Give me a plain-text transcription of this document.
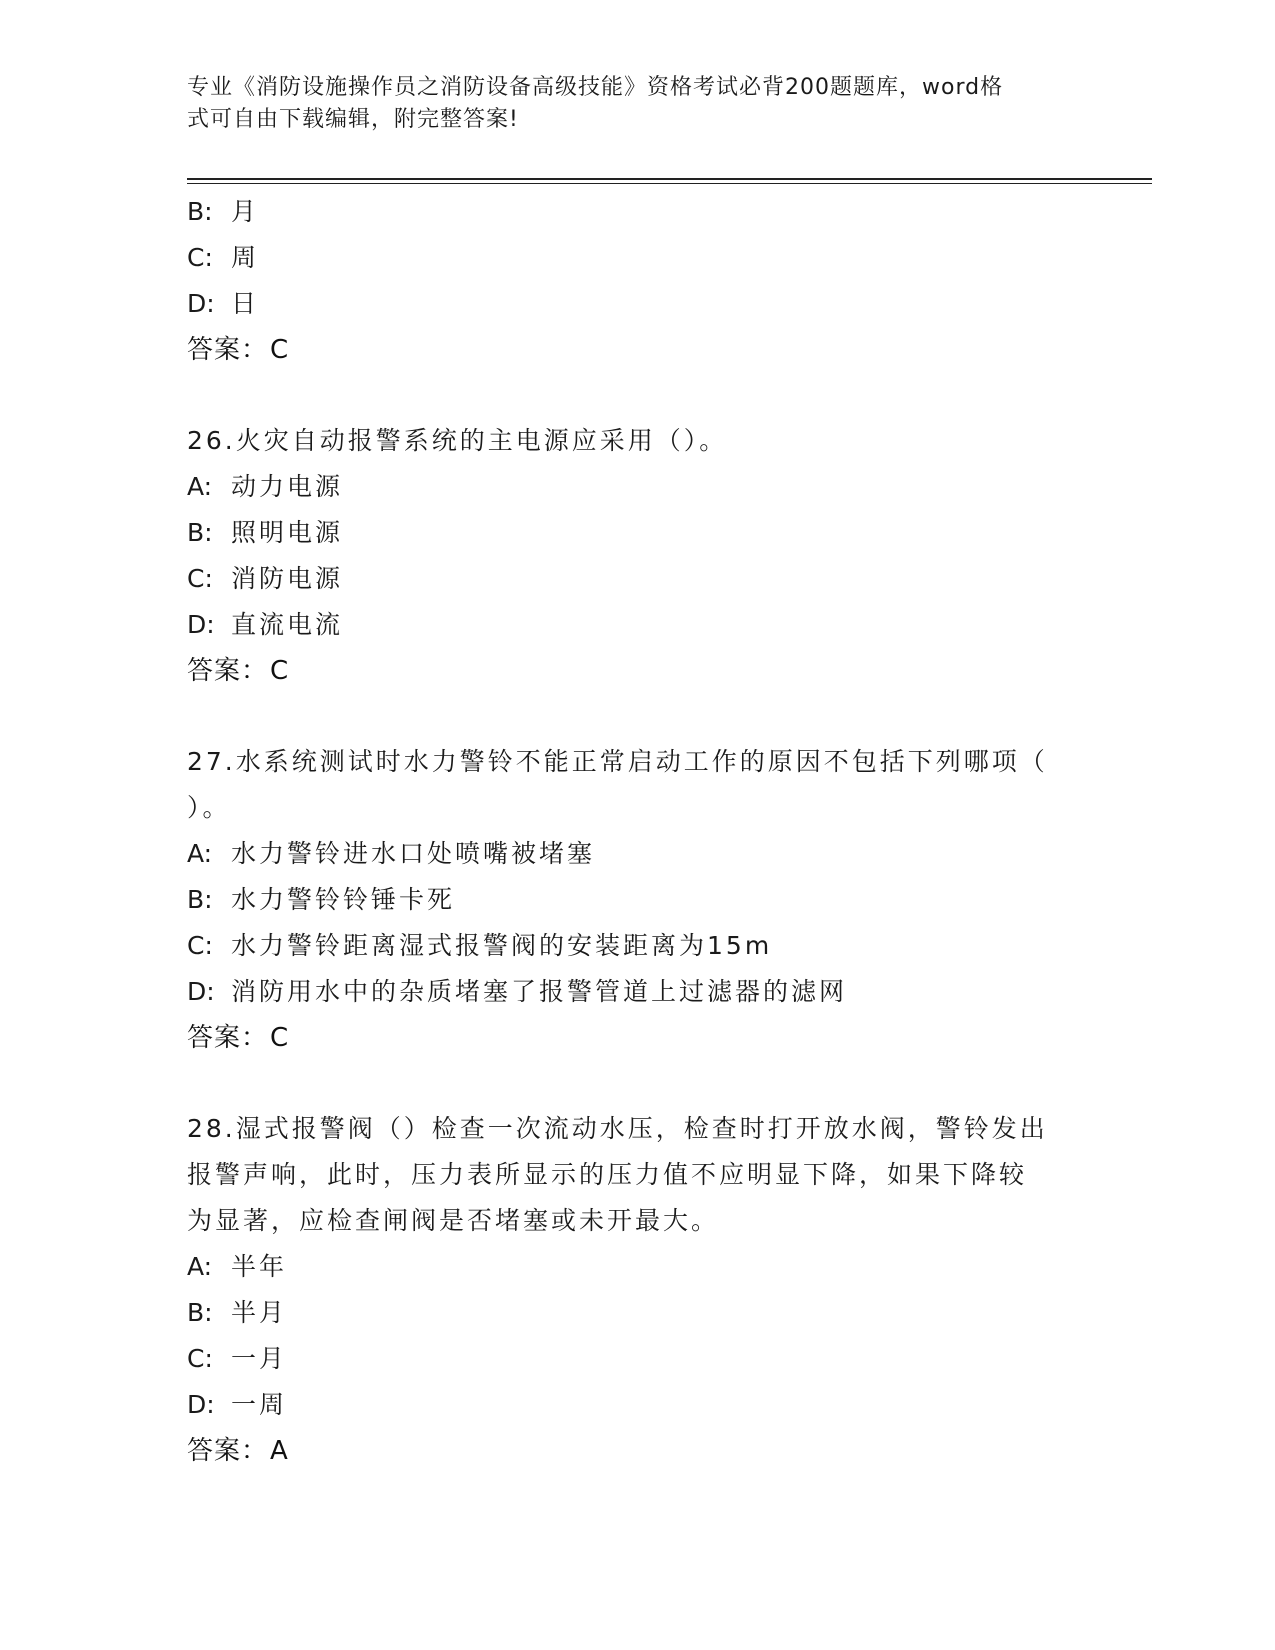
专业《消防设施操作员之消防设备高级技能》资格考试必背200题题库，word格
式可自由下载编辑，附完整答案!
B: 月
C: 周
D: 日
答案：C
26.火灾自动报警系统的主电源应采用（）。
A: 动力电源
B: 照明电源
C: 消防电源
D: 直流电流
答案：C
27.水系统测试时水力警铃不能正常启动工作的原因不包括下列哪项（
）。
A: 水力警铃进水口处喷嘴被堵塞
B: 水力警铃铃锤卡死
C: 水力警铃距离湿式报警阀的安装距离为15m
D: 消防用水中的杂质堵塞了报警管道上过滤器的滤网
答案：C
28.湿式报警阀（）检查一次流动水压，检查时打开放水阀，警铃发出
报警声响，此时，压力表所显示的压力值不应明显下降，如果下降较
为显著，应检查闸阀是否堵塞或未开最大。
A: 半年
B: 半月
C: 一月
D: 一周
答案：A
